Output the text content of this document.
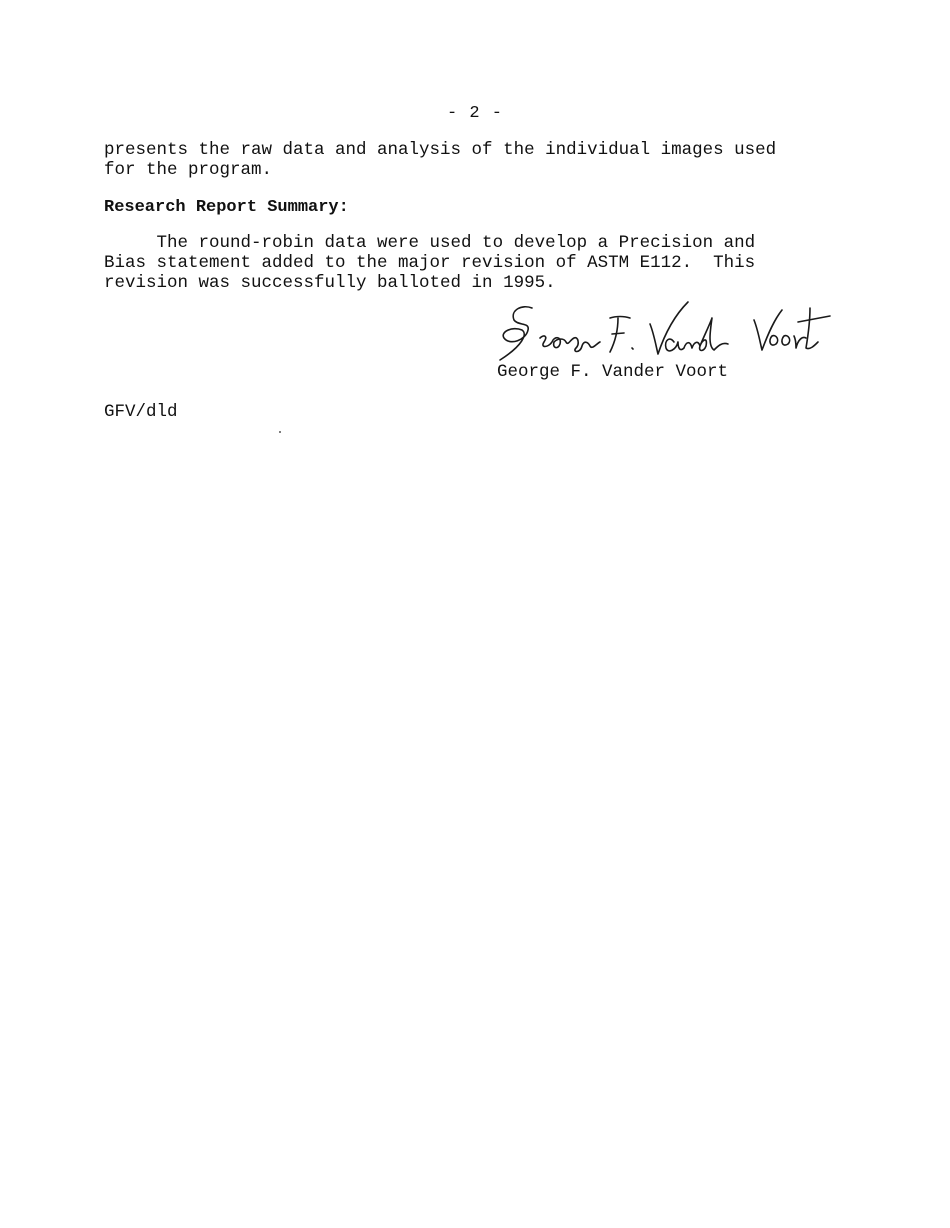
- 2 -
presents the raw data and analysis of the individual images used
for the program.
Research Report Summary:
The round-robin data were used to develop a Precision and
Bias statement added to the major revision of ASTM E112.  This
revision was successfully balloted in 1995.
George F. Vander Voort
GFV/dld
